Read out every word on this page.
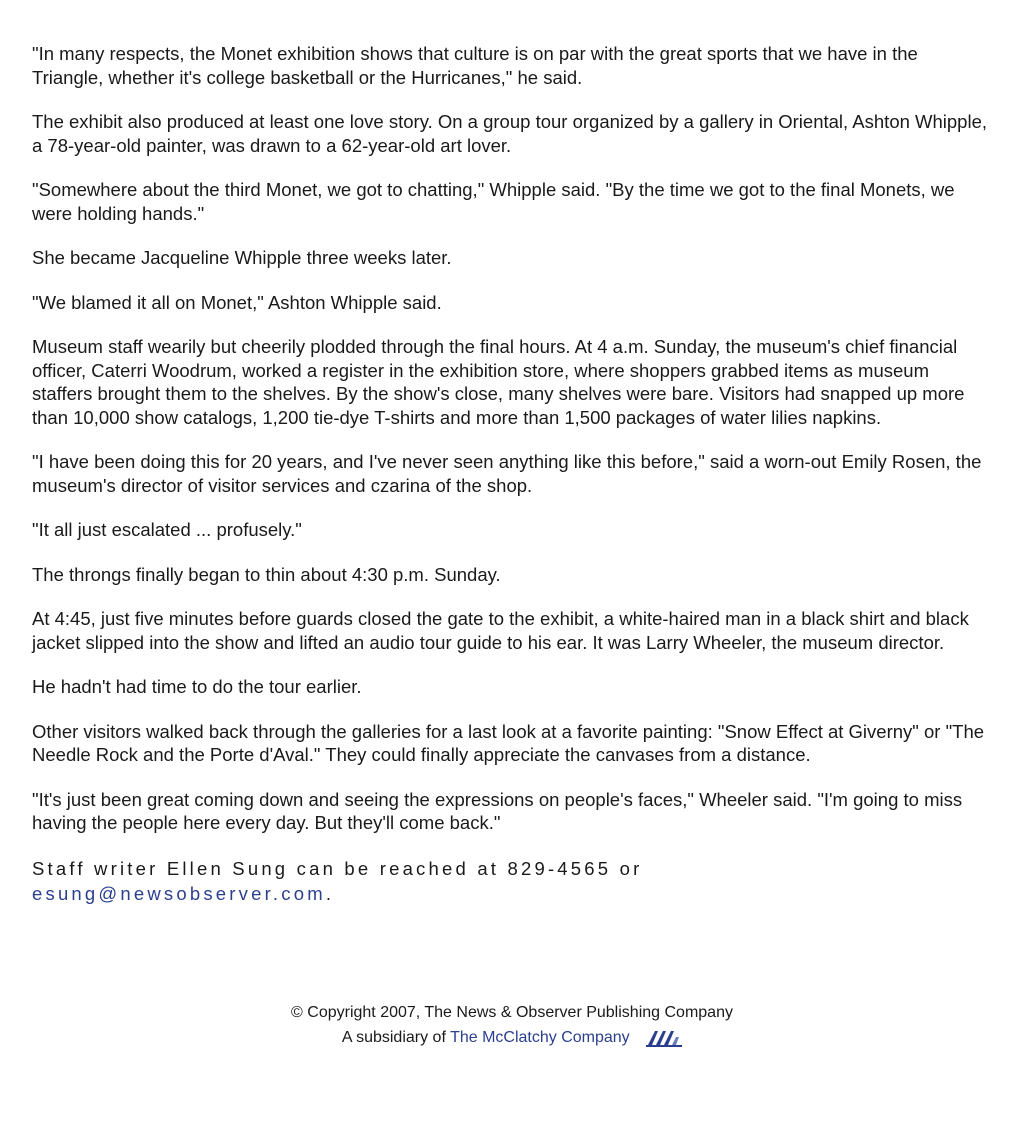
"In many respects, the Monet exhibition shows that culture is on par with the great sports that we have in the Triangle, whether it's college basketball or the Hurricanes," he said.

The exhibit also produced at least one love story. On a group tour organized by a gallery in Oriental, Ashton Whipple, a 78-year-old painter, was drawn to a 62-year-old art lover.

"Somewhere about the third Monet, we got to chatting," Whipple said. "By the time we got to the final Monets, we were holding hands."

She became Jacqueline Whipple three weeks later.

"We blamed it all on Monet," Ashton Whipple said.

Museum staff wearily but cheerily plodded through the final hours. At 4 a.m. Sunday, the museum's chief financial officer, Caterri Woodrum, worked a register in the exhibition store, where shoppers grabbed items as museum staffers brought them to the shelves. By the show's close, many shelves were bare. Visitors had snapped up more than 10,000 show catalogs, 1,200 tie-dye T-shirts and more than 1,500 packages of water lilies napkins.

"I have been doing this for 20 years, and I've never seen anything like this before," said a worn-out Emily Rosen, the museum's director of visitor services and czarina of the shop.

"It all just escalated ... profusely."

The throngs finally began to thin about 4:30 p.m. Sunday.

At 4:45, just five minutes before guards closed the gate to the exhibit, a white-haired man in a black shirt and black jacket slipped into the show and lifted an audio tour guide to his ear. It was Larry Wheeler, the museum director.

He hadn't had time to do the tour earlier.

Other visitors walked back through the galleries for a last look at a favorite painting: "Snow Effect at Giverny" or "The Needle Rock and the Porte d'Aval." They could finally appreciate the canvases from a distance.

"It's just been great coming down and seeing the expressions on people's faces," Wheeler said. "I'm going to miss having the people here every day. But they'll come back."

Staff writer Ellen Sung can be reached at 829-4565 or
esung@newsobserver.com.

© Copyright 2007, The News & Observer Publishing Company
A subsidiary of The McClatchy Company
